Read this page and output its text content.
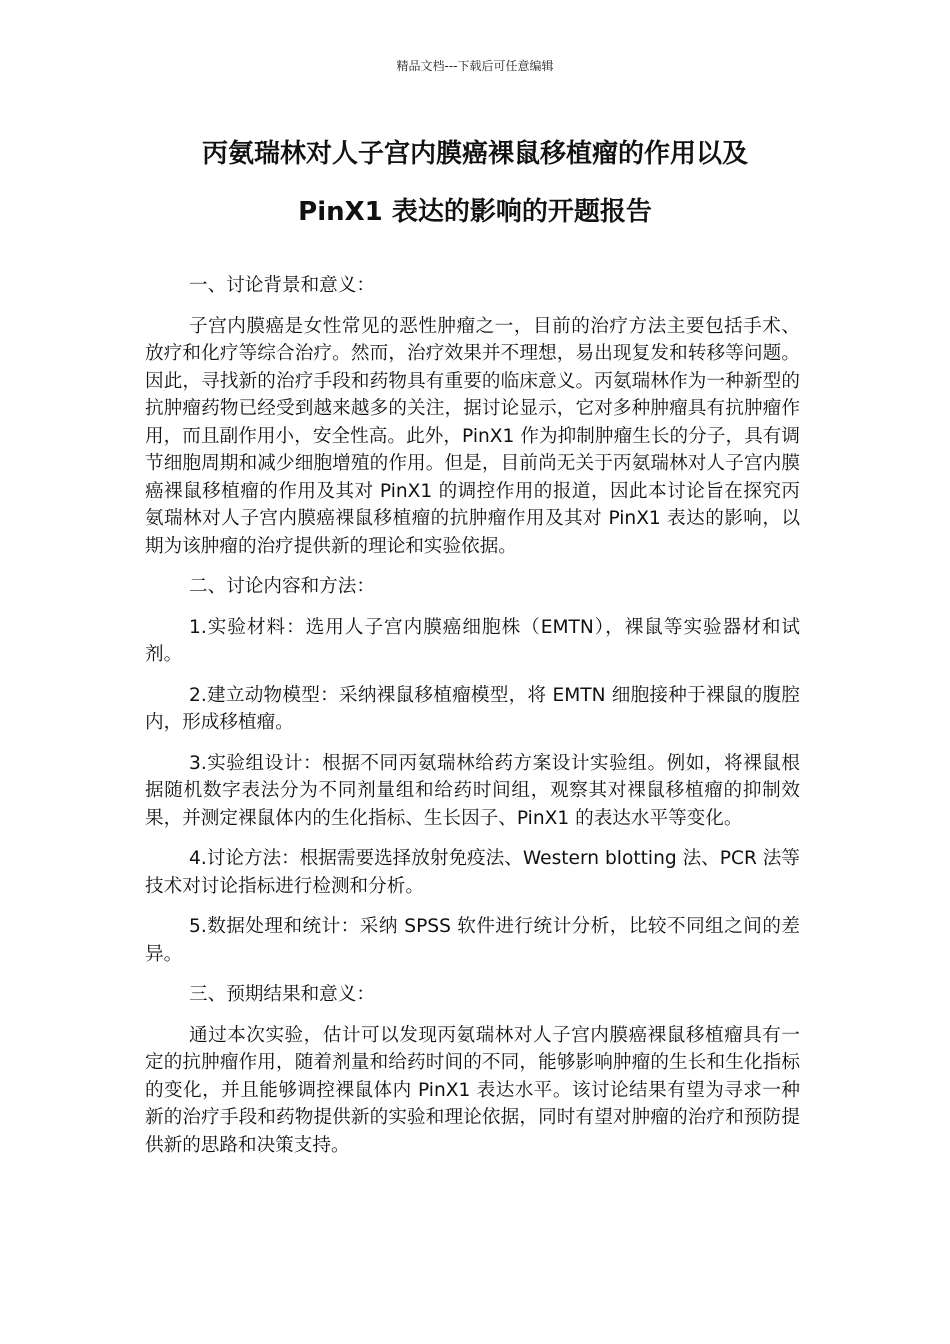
精品文档---下载后可任意编辑
丙氨瑞林对人子宫内膜癌裸鼠移植瘤的作用以及
PinX1 表达的影响的开题报告

一、讨论背景和意义：

子宫内膜癌是女性常见的恶性肿瘤之一，目前的治疗方法主要包括手术、放疗和化疗等综合治疗。然而，治疗效果并不理想，易出现复发和转移等问题。因此，寻找新的治疗手段和药物具有重要的临床意义。丙氨瑞林作为一种新型的抗肿瘤药物已经受到越来越多的关注，据讨论显示，它对多种肿瘤具有抗肿瘤作用，而且副作用小，安全性高。此外，PinX1 作为抑制肿瘤生长的分子，具有调节细胞周期和减少细胞增殖的作用。但是，目前尚无关于丙氨瑞林对人子宫内膜癌裸鼠移植瘤的作用及其对 PinX1 的调控作用的报道，因此本讨论旨在探究丙氨瑞林对人子宫内膜癌裸鼠移植瘤的抗肿瘤作用及其对 PinX1 表达的影响，以期为该肿瘤的治疗提供新的理论和实验依据。

二、讨论内容和方法：

1.实验材料：选用人子宫内膜癌细胞株（EMTN），裸鼠等实验器材和试剂。

2.建立动物模型：采纳裸鼠移植瘤模型，将 EMTN 细胞接种于裸鼠的腹腔内，形成移植瘤。

3.实验组设计：根据不同丙氨瑞林给药方案设计实验组。例如，将裸鼠根据随机数字表法分为不同剂量组和给药时间组，观察其对裸鼠移植瘤的抑制效果，并测定裸鼠体内的生化指标、生长因子、PinX1 的表达水平等变化。

4.讨论方法：根据需要选择放射免疫法、Western blotting 法、PCR 法等技术对讨论指标进行检测和分析。

5.数据处理和统计：采纳 SPSS 软件进行统计分析，比较不同组之间的差异。

三、预期结果和意义：

通过本次实验，估计可以发现丙氨瑞林对人子宫内膜癌裸鼠移植瘤具有一定的抗肿瘤作用，随着剂量和给药时间的不同，能够影响肿瘤的生长和生化指标的变化，并且能够调控裸鼠体内 PinX1 表达水平。该讨论结果有望为寻求一种新的治疗手段和药物提供新的实验和理论依据，同时有望对肿瘤的治疗和预防提供新的思路和决策支持。
